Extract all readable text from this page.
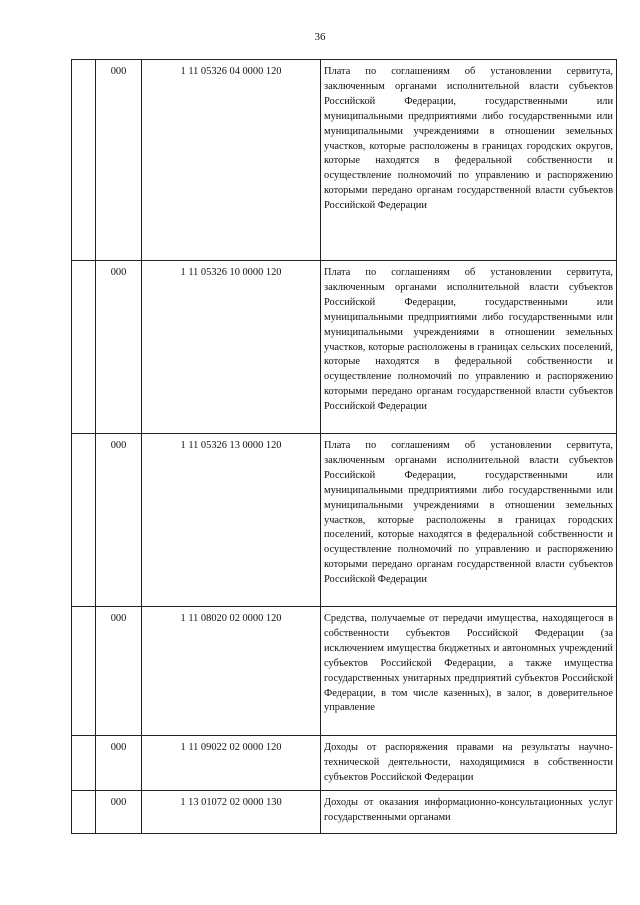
36
	000	1 11 05326 04 0000 120	Плата по соглашениям об установлении сервитута, заключенным органами исполнительной власти субъектов Российской Федерации, государственными или муниципальными предприятиями либо государственными или муниципальными учреждениями в отношении земельных участков, которые расположены в границах городских округов, которые находятся в федеральной собственности и осуществление полномочий по управлению и распоряжению которыми передано органам государственной власти субъектов Российской Федерации
	000	1 11 05326 10 0000 120	Плата по соглашениям об установлении сервитута, заключенным органами исполнительной власти субъектов Российской Федерации, государственными или муниципальными предприятиями либо государственными или муниципальными учреждениями в отношении земельных участков, которые расположены в границах сельских поселений, которые находятся в федеральной собственности и осуществление полномочий по управлению и распоряжению которыми передано органам государственной власти субъектов Российской Федерации
	000	1 11 05326 13 0000 120	Плата по соглашениям об установлении сервитута, заключенным органами исполнительной власти субъектов Российской Федерации, государственными или муниципальными предприятиями либо государственными или муниципальными учреждениями в отношении земельных участков, которые расположены в границах городских поселений, которые находятся в федеральной собственности и осуществление полномочий по управлению и распоряжению которыми передано органам государственной власти субъектов Российской Федерации
	000	1 11 08020 02 0000 120	Средства, получаемые от передачи имущества, находящегося в собственности субъектов Российской Федерации (за исключением имущества бюджетных и автономных учреждений субъектов Российской Федерации, а также имущества государственных унитарных предприятий субъектов Российской Федерации, в том числе казенных), в залог, в доверительное управление
	000	1 11 09022 02 0000 120	Доходы от распоряжения правами на результаты научно-технической деятельности, находящимися в собственности субъектов Российской Федерации
	000	1 13 01072 02 0000 130	Доходы от оказания информационно-консультационных услуг государственными органами
